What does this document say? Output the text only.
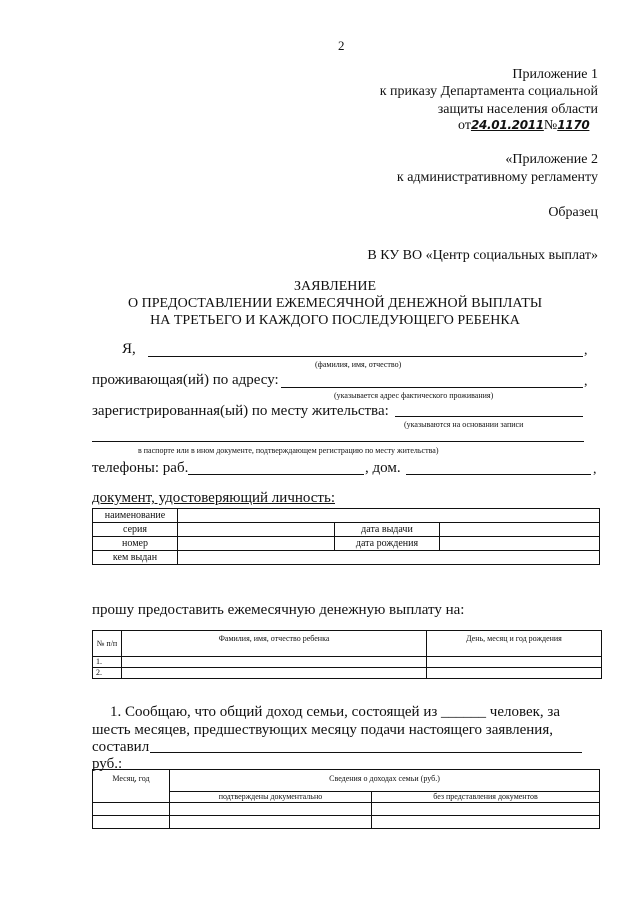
2
Приложение 1
к приказу Департамента социальной
защиты населения области
от24.01.2011№1170
«Приложение 2
к административному регламенту
Образец
В КУ ВО «Центр социальных выплат»
ЗАЯВЛЕНИЕ
О ПРЕДОСТАВЛЕНИИ ЕЖЕМЕСЯЧНОЙ ДЕНЕЖНОЙ ВЫПЛАТЫ
НА ТРЕТЬЕГО И КАЖДОГО ПОСЛЕДУЮЩЕГО РЕБЕНКА
Я,	,
(фамилия, имя, отчество)
проживающая(ий) по адресу:	,
(указывается адрес фактического проживания)
зарегистрированная(ый) по месту жительства:
(указываются на основании записи
в паспорте или в ином документе, подтверждающем регистрацию по месту жительства)
телефоны: раб.	, дом.	,
документ, удостоверяющий личность:
наименование			
серия		дата выдачи	
номер		дата рождения	
кем выдан			
прошу предоставить ежемесячную денежную выплату на:
№ п/п	Фамилия, имя, отчество ребенка	День, месяц и год рождения
1.		
2.		
1. Сообщаю, что общий доход семьи, состоящей из ______ человек, за
шесть месяцев, предшествующих месяцу подачи настоящего заявления,
составил
руб.:
Месяц, год	Сведения о доходах семьи (руб.)	
	подтверждены документально	без представления документов
